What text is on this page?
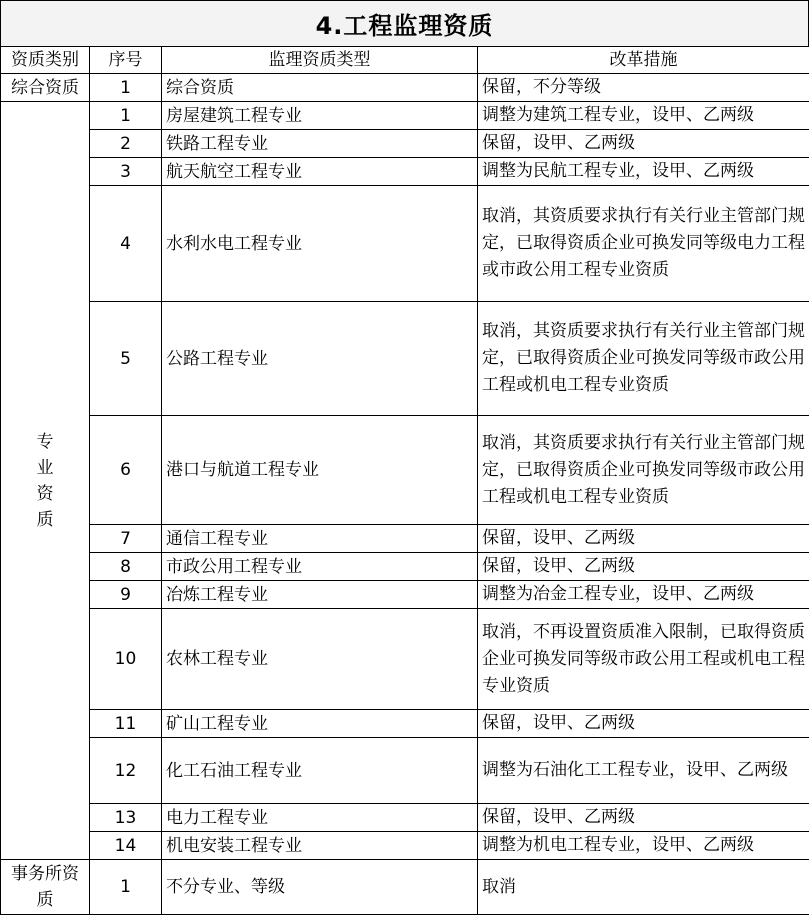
4.工程监理资质
资质类别	序号	监理资质类型	改革措施
综合资质	1	综合资质	保留，不分等级
专业资质	1	房屋建筑工程专业	调整为建筑工程专业，设甲、乙两级
	2	铁路工程专业	保留，设甲、乙两级
	3	航天航空工程专业	调整为民航工程专业，设甲、乙两级
	4	水利水电工程专业	取消，其资质要求执行有关行业主管部门规定，已取得资质企业可换发同等级电力工程或市政公用工程专业资质
	5	公路工程专业	取消，其资质要求执行有关行业主管部门规定，已取得资质企业可换发同等级市政公用工程或机电工程专业资质
	6	港口与航道工程专业	取消，其资质要求执行有关行业主管部门规定，已取得资质企业可换发同等级市政公用工程或机电工程专业资质
	7	通信工程专业	保留，设甲、乙两级
	8	市政公用工程专业	保留，设甲、乙两级
	9	冶炼工程专业	调整为冶金工程专业，设甲、乙两级
	10	农林工程专业	取消，不再设置资质准入限制，已取得资质企业可换发同等级市政公用工程或机电工程专业资质
	11	矿山工程专业	保留，设甲、乙两级
	12	化工石油工程专业	调整为石油化工工程专业，设甲、乙两级
	13	电力工程专业	保留，设甲、乙两级
	14	机电安装工程专业	调整为机电工程专业，设甲、乙两级
事务所资质	1	不分专业、等级	取消
